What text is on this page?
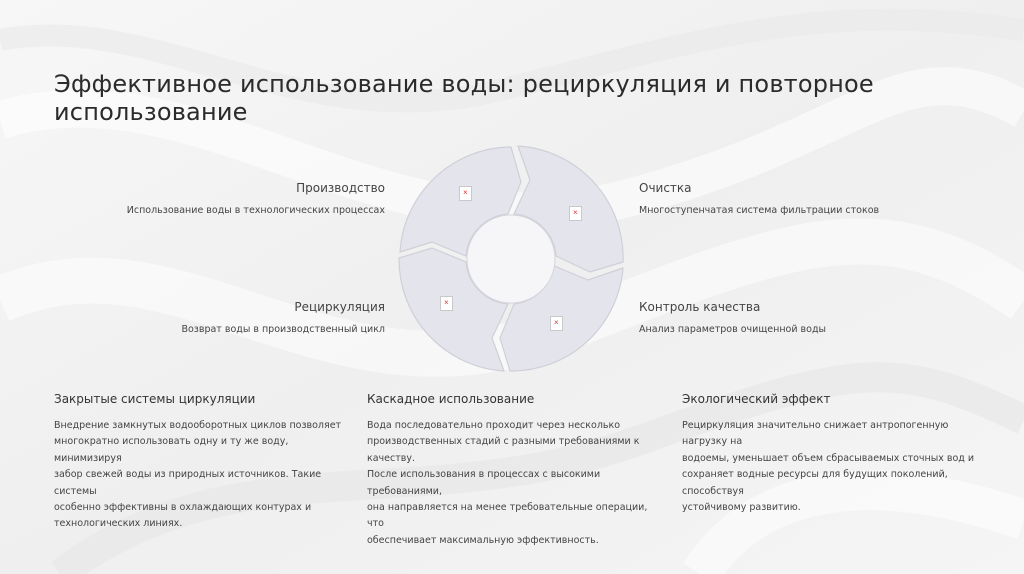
Эффективное использование воды: рециркуляция и повторное использование
×
×
×
×
Производство
Использование воды в технологических процессах
Очистка
Многоступенчатая система фильтрации стоков
Рециркуляция
Возврат воды в производственный цикл
Контроль качества
Анализ параметров очищенной воды
Закрытые системы циркуляции
Внедрение замкнутых водооборотных циклов позволяет
многократно использовать одну и ту же воду, минимизируя
забор свежей воды из природных источников. Такие системы
особенно эффективны в охлаждающих контурах и
технологических линиях.
Каскадное использование
Вода последовательно проходит через несколько
производственных стадий с разными требованиями к качеству.
После использования в процессах с высокими требованиями,
она направляется на менее требовательные операции, что
обеспечивает максимальную эффективность.
Экологический эффект
Рециркуляция значительно снижает антропогенную нагрузку на
водоемы, уменьшает объем сбрасываемых сточных вод и
сохраняет водные ресурсы для будущих поколений, способствуя
устойчивому развитию.
